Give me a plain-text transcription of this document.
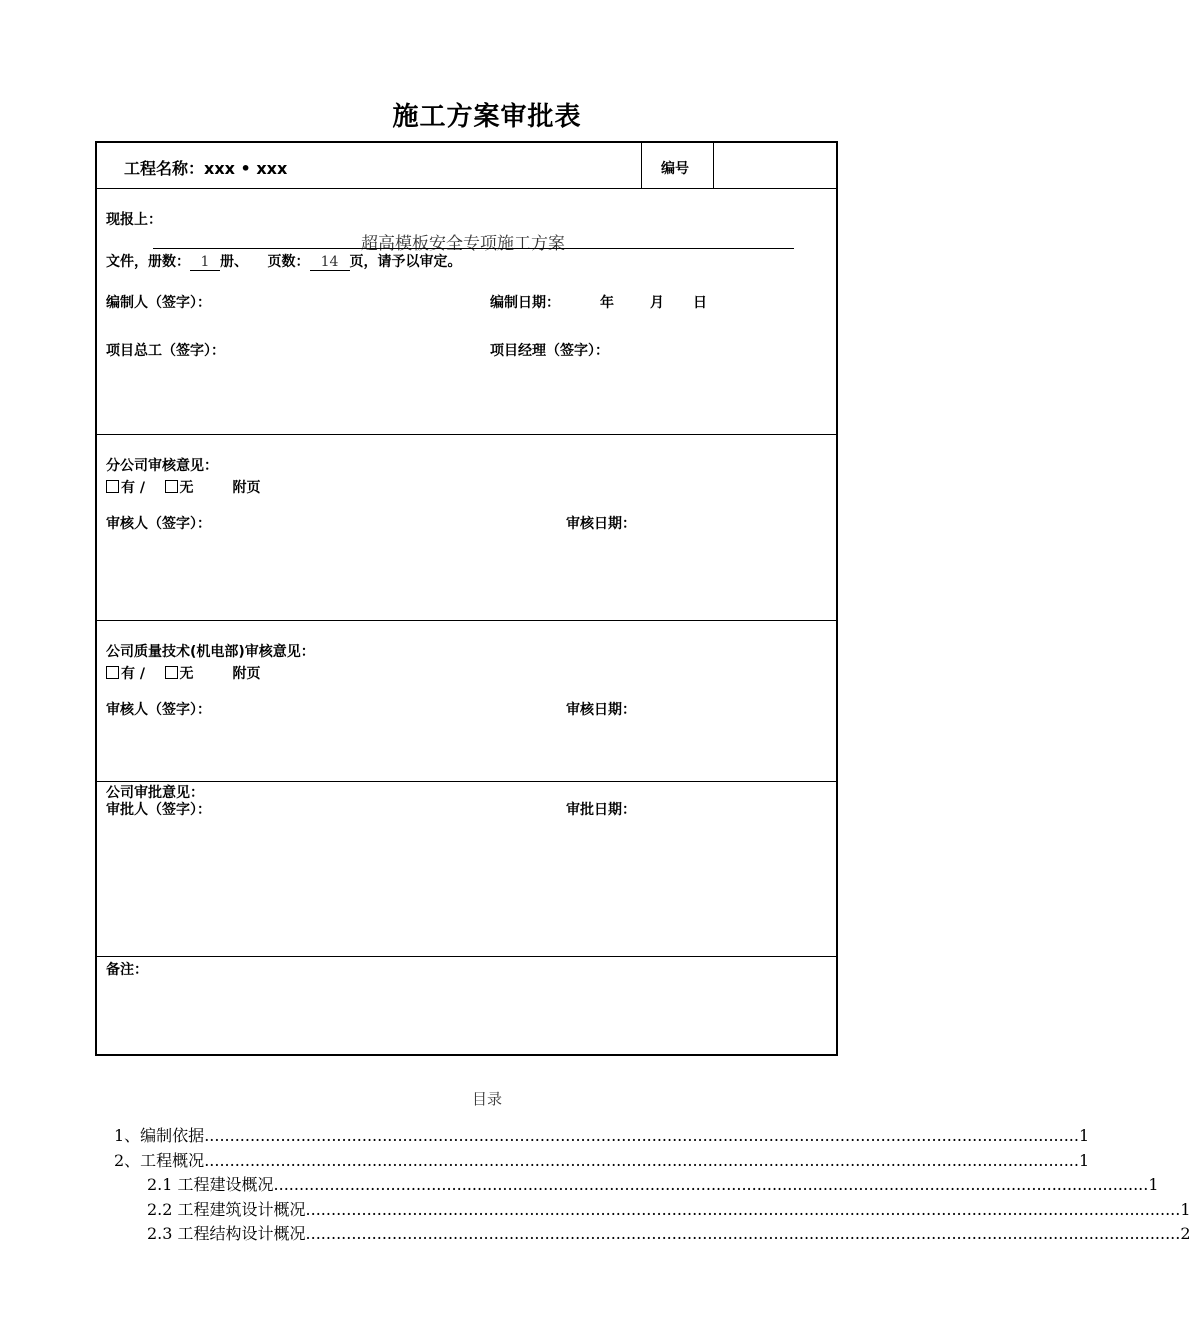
施工方案审批表
工程名称：xxx • xxx	编号
现报上：
超高模板安全专项施工方案
文件，册数： 1 册、 页数： 14 页，请予以审定。
编制人（签字）：	编制日期：	年	月 日
项目总工（签字）：	项目经理（签字）：
分公司审核意见：
有 / 无	附页
审核人（签字）：	审核日期：
公司质量技术(机电部)审核意见：
有 / 无	附页
审核人（签字）：	审核日期：
公司审批意见：
审批人（签字）：	审批日期：
备注：
目录
1、编制依据 ............................................................................................................................................................................ 1
2、工程概况 ............................................................................................................................................................................ 1
2.1 工程建设概况 ............................................................................................................................................................................ 1
2.2 工程建筑设计概况 ............................................................................................................................................................................ 1
2.3 工程结构设计概况 ............................................................................................................................................................................ 2
